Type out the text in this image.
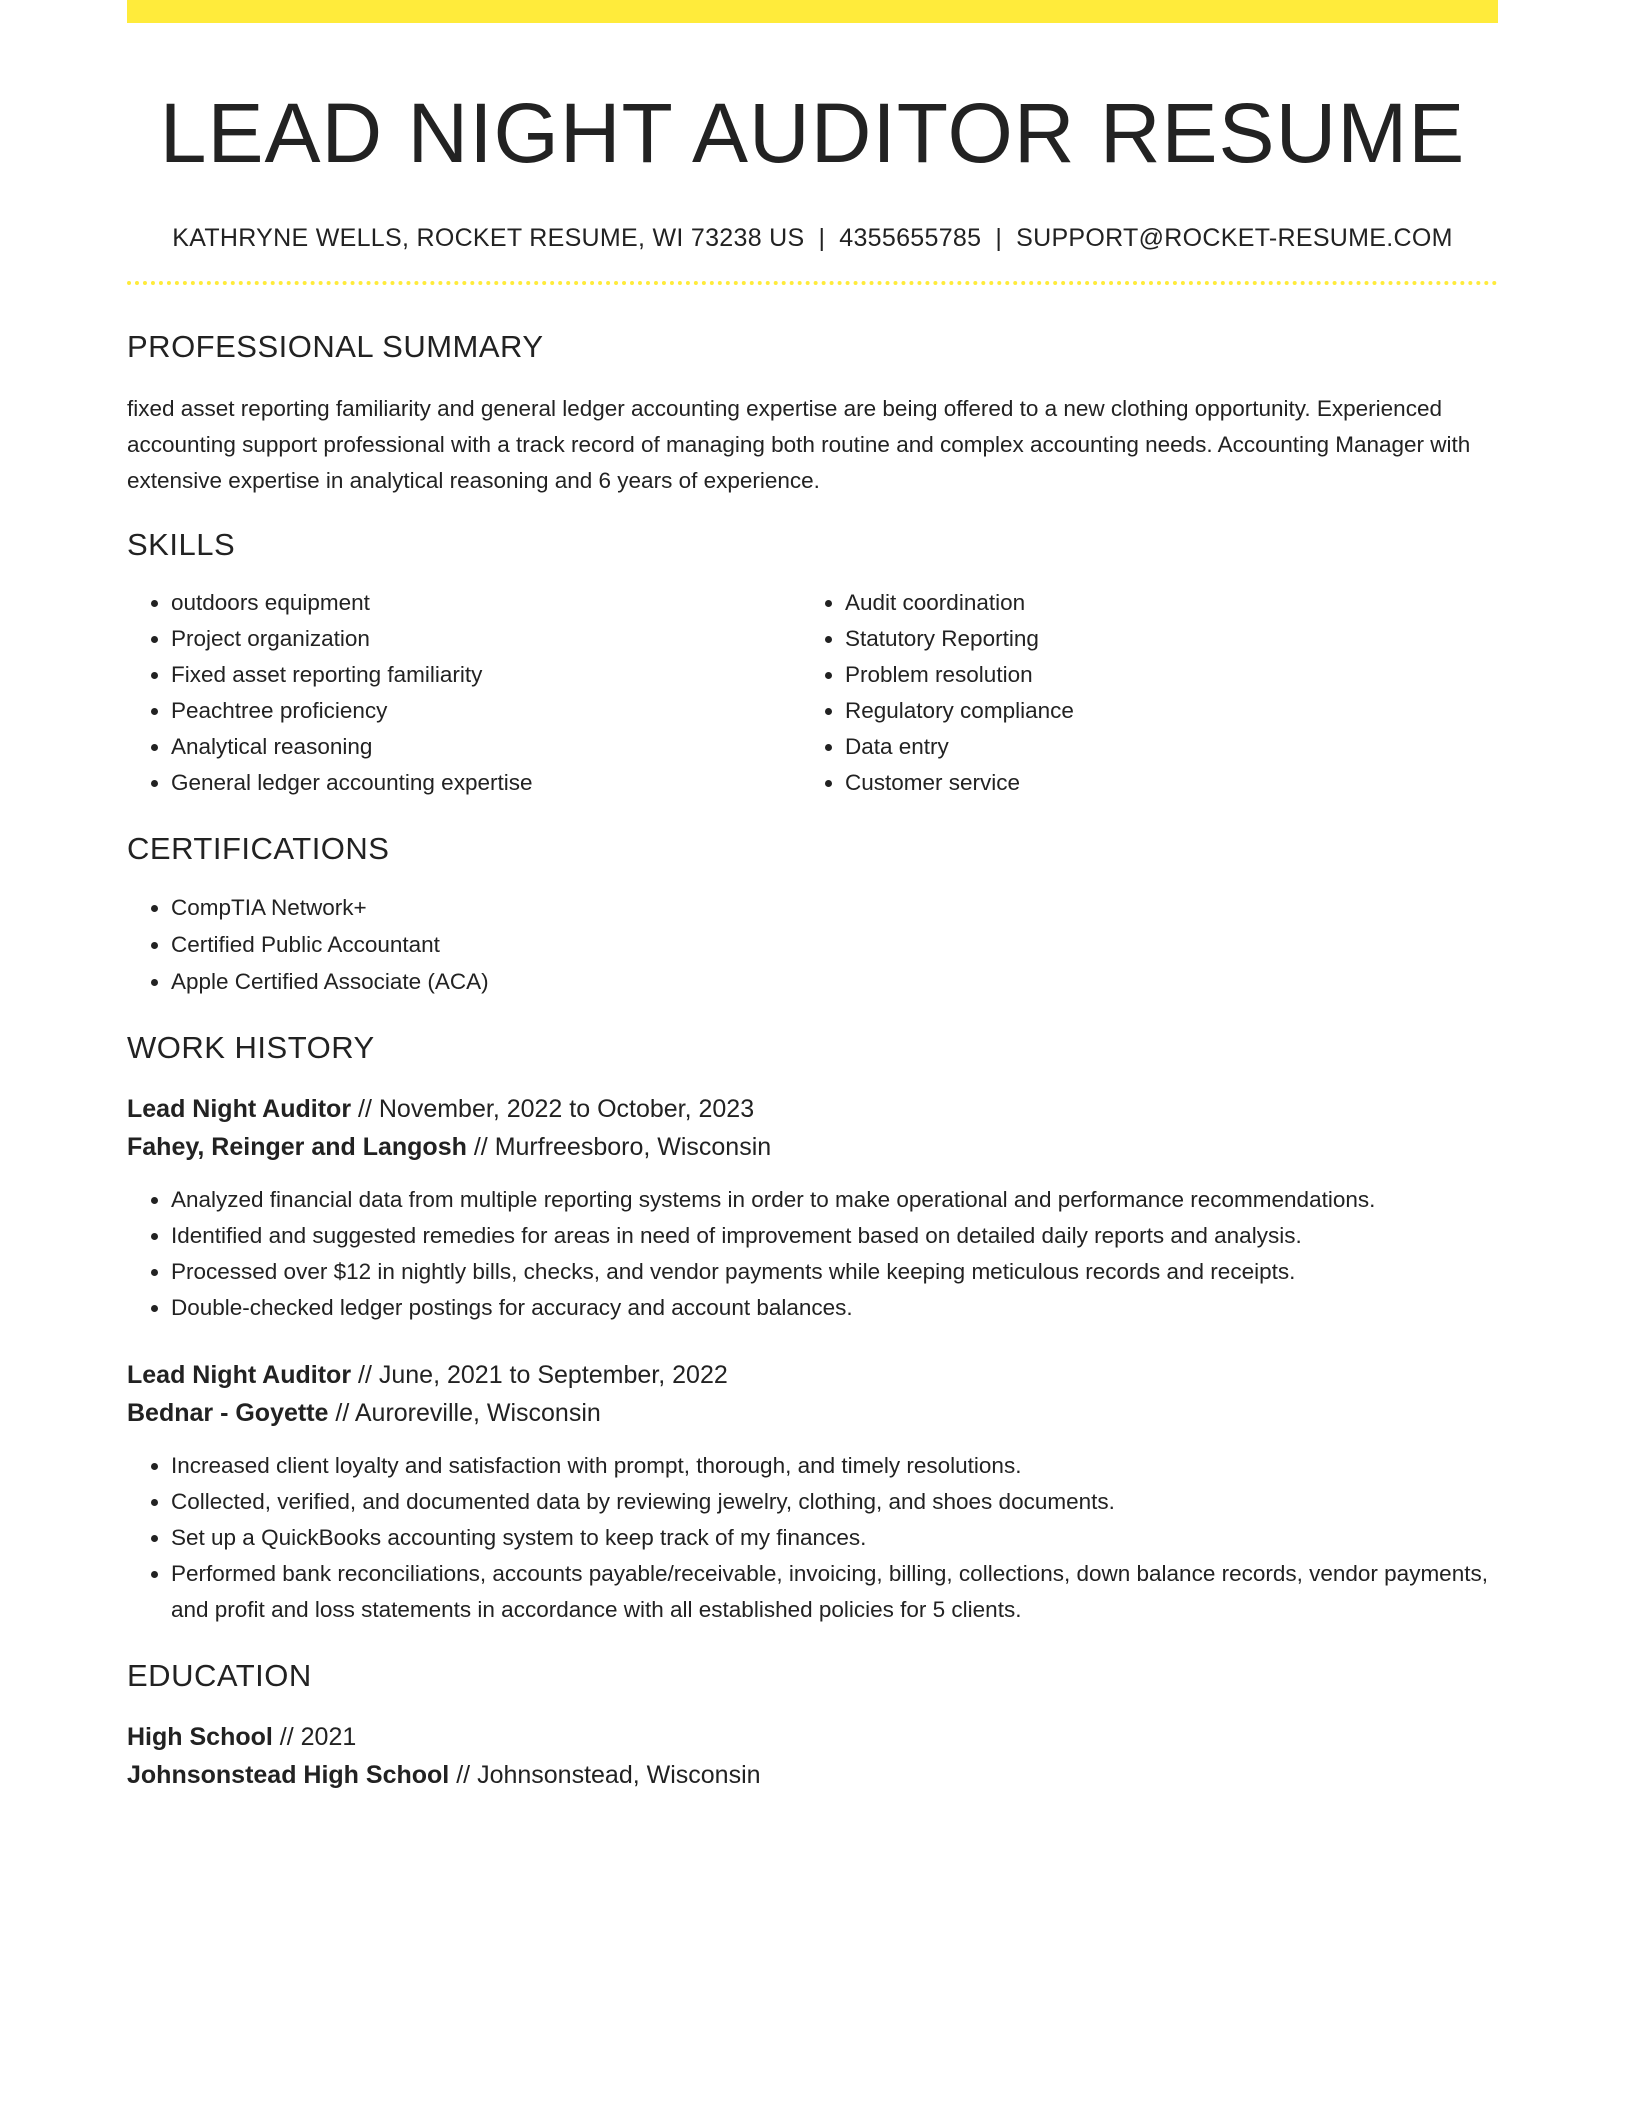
LEAD NIGHT AUDITOR RESUME
KATHRYNE WELLS, ROCKET RESUME, WI 73238 US | 4355655785 | SUPPORT@ROCKET-RESUME.COM
PROFESSIONAL SUMMARY

fixed asset reporting familiarity and general ledger accounting expertise are being offered to a new clothing opportunity. Experienced accounting support professional with a track record of managing both routine and complex accounting needs. Accounting Manager with extensive expertise in analytical reasoning and 6 years of experience.

SKILLS
• outdoors equipment
• Project organization
• Fixed asset reporting familiarity
• Peachtree proficiency
• Analytical reasoning
• General ledger accounting expertise
• Audit coordination
• Statutory Reporting
• Problem resolution
• Regulatory compliance
• Data entry
• Customer service
CERTIFICATIONS
• CompTIA Network+
• Certified Public Accountant
• Apple Certified Associate (ACA)
WORK HISTORY
Lead Night Auditor // November, 2022 to October, 2023
Fahey, Reinger and Langosh // Murfreesboro, Wisconsin
• Analyzed financial data from multiple reporting systems in order to make operational and performance recommendations.
• Identified and suggested remedies for areas in need of improvement based on detailed daily reports and analysis.
• Processed over $12 in nightly bills, checks, and vendor payments while keeping meticulous records and receipts.
• Double-checked ledger postings for accuracy and account balances.
Lead Night Auditor // June, 2021 to September, 2022
Bednar - Goyette // Auroreville, Wisconsin
• Increased client loyalty and satisfaction with prompt, thorough, and timely resolutions.
• Collected, verified, and documented data by reviewing jewelry, clothing, and shoes documents.
• Set up a QuickBooks accounting system to keep track of my finances.
• Performed bank reconciliations, accounts payable/receivable, invoicing, billing, collections, down balance records, vendor payments, and profit and loss statements in accordance with all established policies for 5 clients.
EDUCATION
High School // 2021
Johnsonstead High School // Johnsonstead, Wisconsin
